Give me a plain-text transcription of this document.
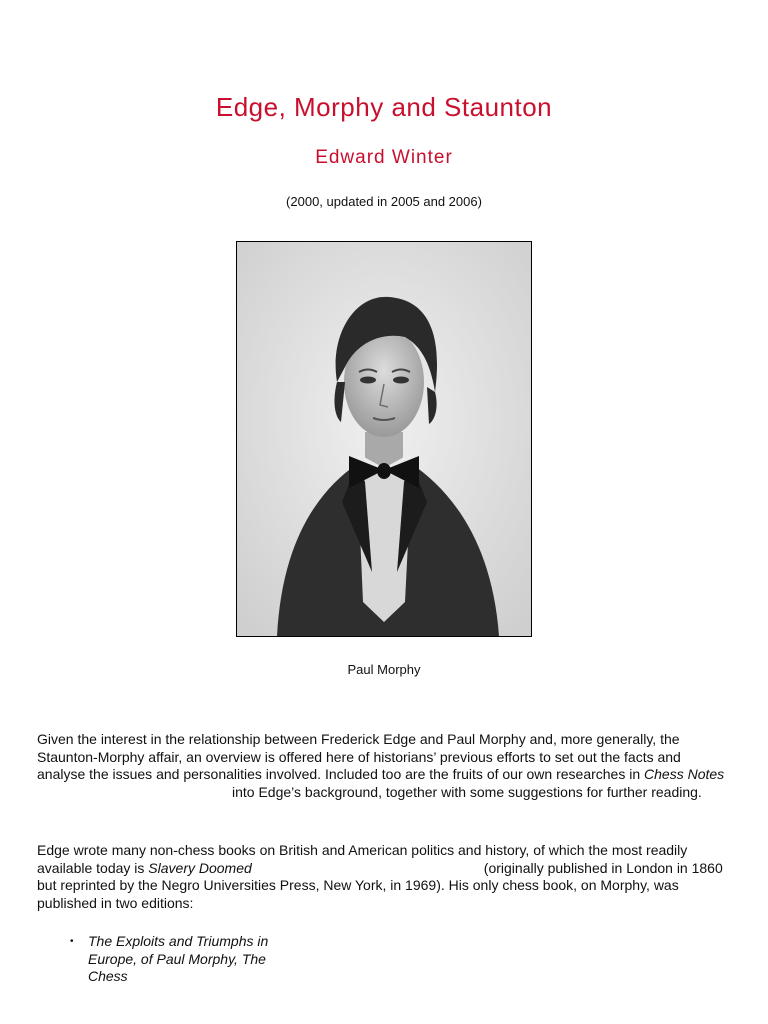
Edge, Morphy and Staunton
Edward Winter

(2000, updated in 2005 and 2006)

Paul Morphy

Given the interest in the relationship between Frederick Edge and Paul Morphy and, more generally, the Staunton-Morphy affair, an overview is offered here of historians’ previous efforts to set out the facts and analyse the issues and personalities involved. Included too are the fruits of our own researches in Chess Notesinto Edge’s background, together with some suggestions for further reading.

Edge wrote many non-chess books on British and American politics and history, of which the most readily available today is Slavery Doomed	(originally published in London in 1860 but reprinted by the Negro Universities Press, New York, in 1969). His only chess book, on Morphy, was published in two editions:

• The Exploits and Triumphs in Europe, of Paul Morphy, The Chess
